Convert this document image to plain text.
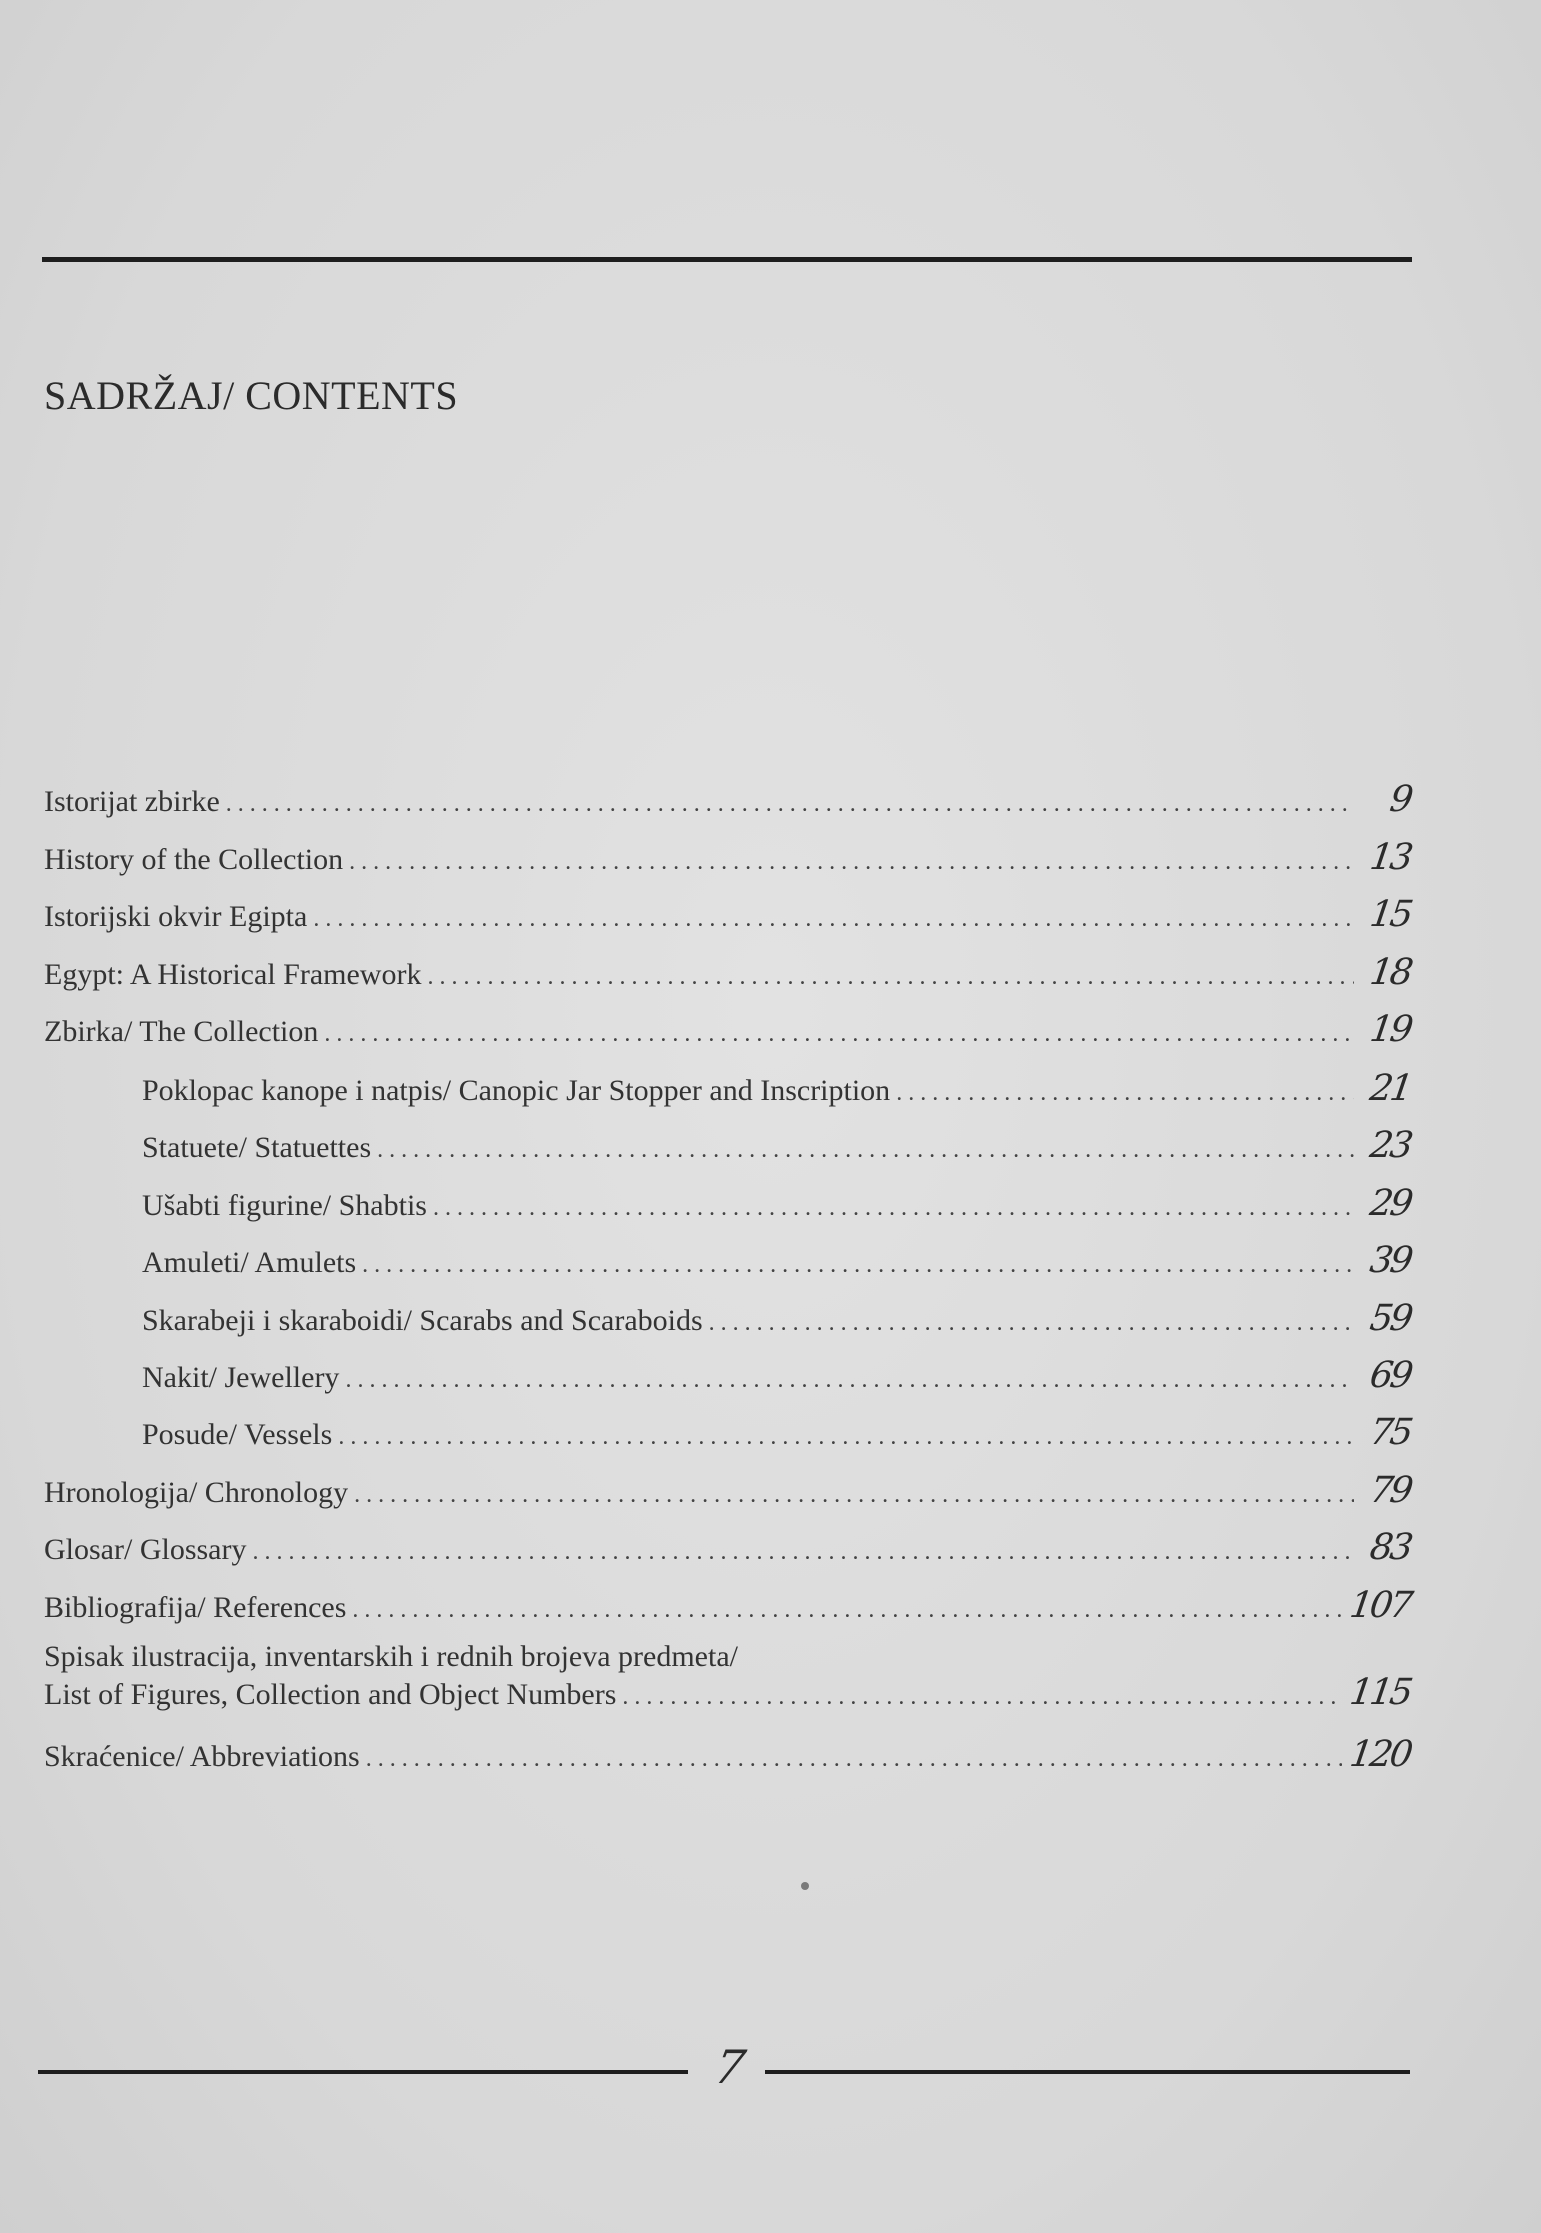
SADRŽAJ/ CONTENTS
Istorijat zbirke . . .	9
History of the Collection . . .	13
Istorijski okvir Egipta . . .	15
Egypt: A Historical Framework . . .	18
Zbirka/ The Collection . . .	19
Poklopac kanope i natpis/ Canopic Jar Stopper and Inscription . . .	21
Statuete/ Statuettes . . .	23
Ušabti figurine/ Shabtis . . .	29
Amuleti/ Amulets . . .	39
Skarabeji i skaraboidi/ Scarabs and Scaraboids . . .	59
Nakit/ Jewellery . . .	69
Posude/ Vessels . . .	75
Hronologija/ Chronology . . .	79
Glosar/ Glossary . . .	83
Bibliografija/ References . . .	107
Spisak ilustracija, inventarskih i rednih brojeva predmeta/
List of Figures, Collection and Object Numbers . . .	115
Skraćenice/ Abbreviations . . .	120
7
